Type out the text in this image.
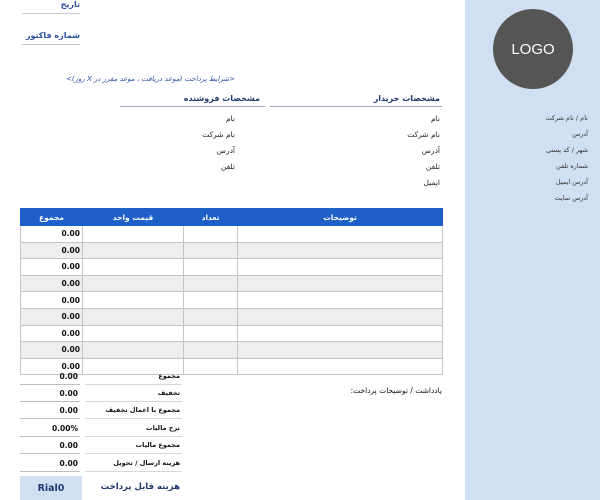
LOGO
نام / نام شرکت
آدرس
شهر / کد پستی
شماره تلفن
آدرس ایمیل
آدرس سایت
تاریخ
شماره فاکتور
<شرایط پرداخت (موعد دریافت ، موعد مقرر در X روز)>
مشخصات خریدار
نام
نام شرکت
آدرس
تلفن
ایمیل
مشخصات فروشنده
نام
نام شرکت
آدرس
تلفن
مجموع	قیمت واحد	تعداد	توضیحات
0.00			
0.00			
0.00			
0.00			
0.00			
0.00			
0.00			
0.00			
0.00			
0.00	مجموع
0.00	تخفیف
0.00	مجموع با اعمال تخفیف
0.00%	نرخ مالیات
0.00	مجموع مالیات
0.00	هزینه ارسال / تحویل
یادداشت / توضیحات پرداخت:
Rial0	هزینه قابل پرداخت
